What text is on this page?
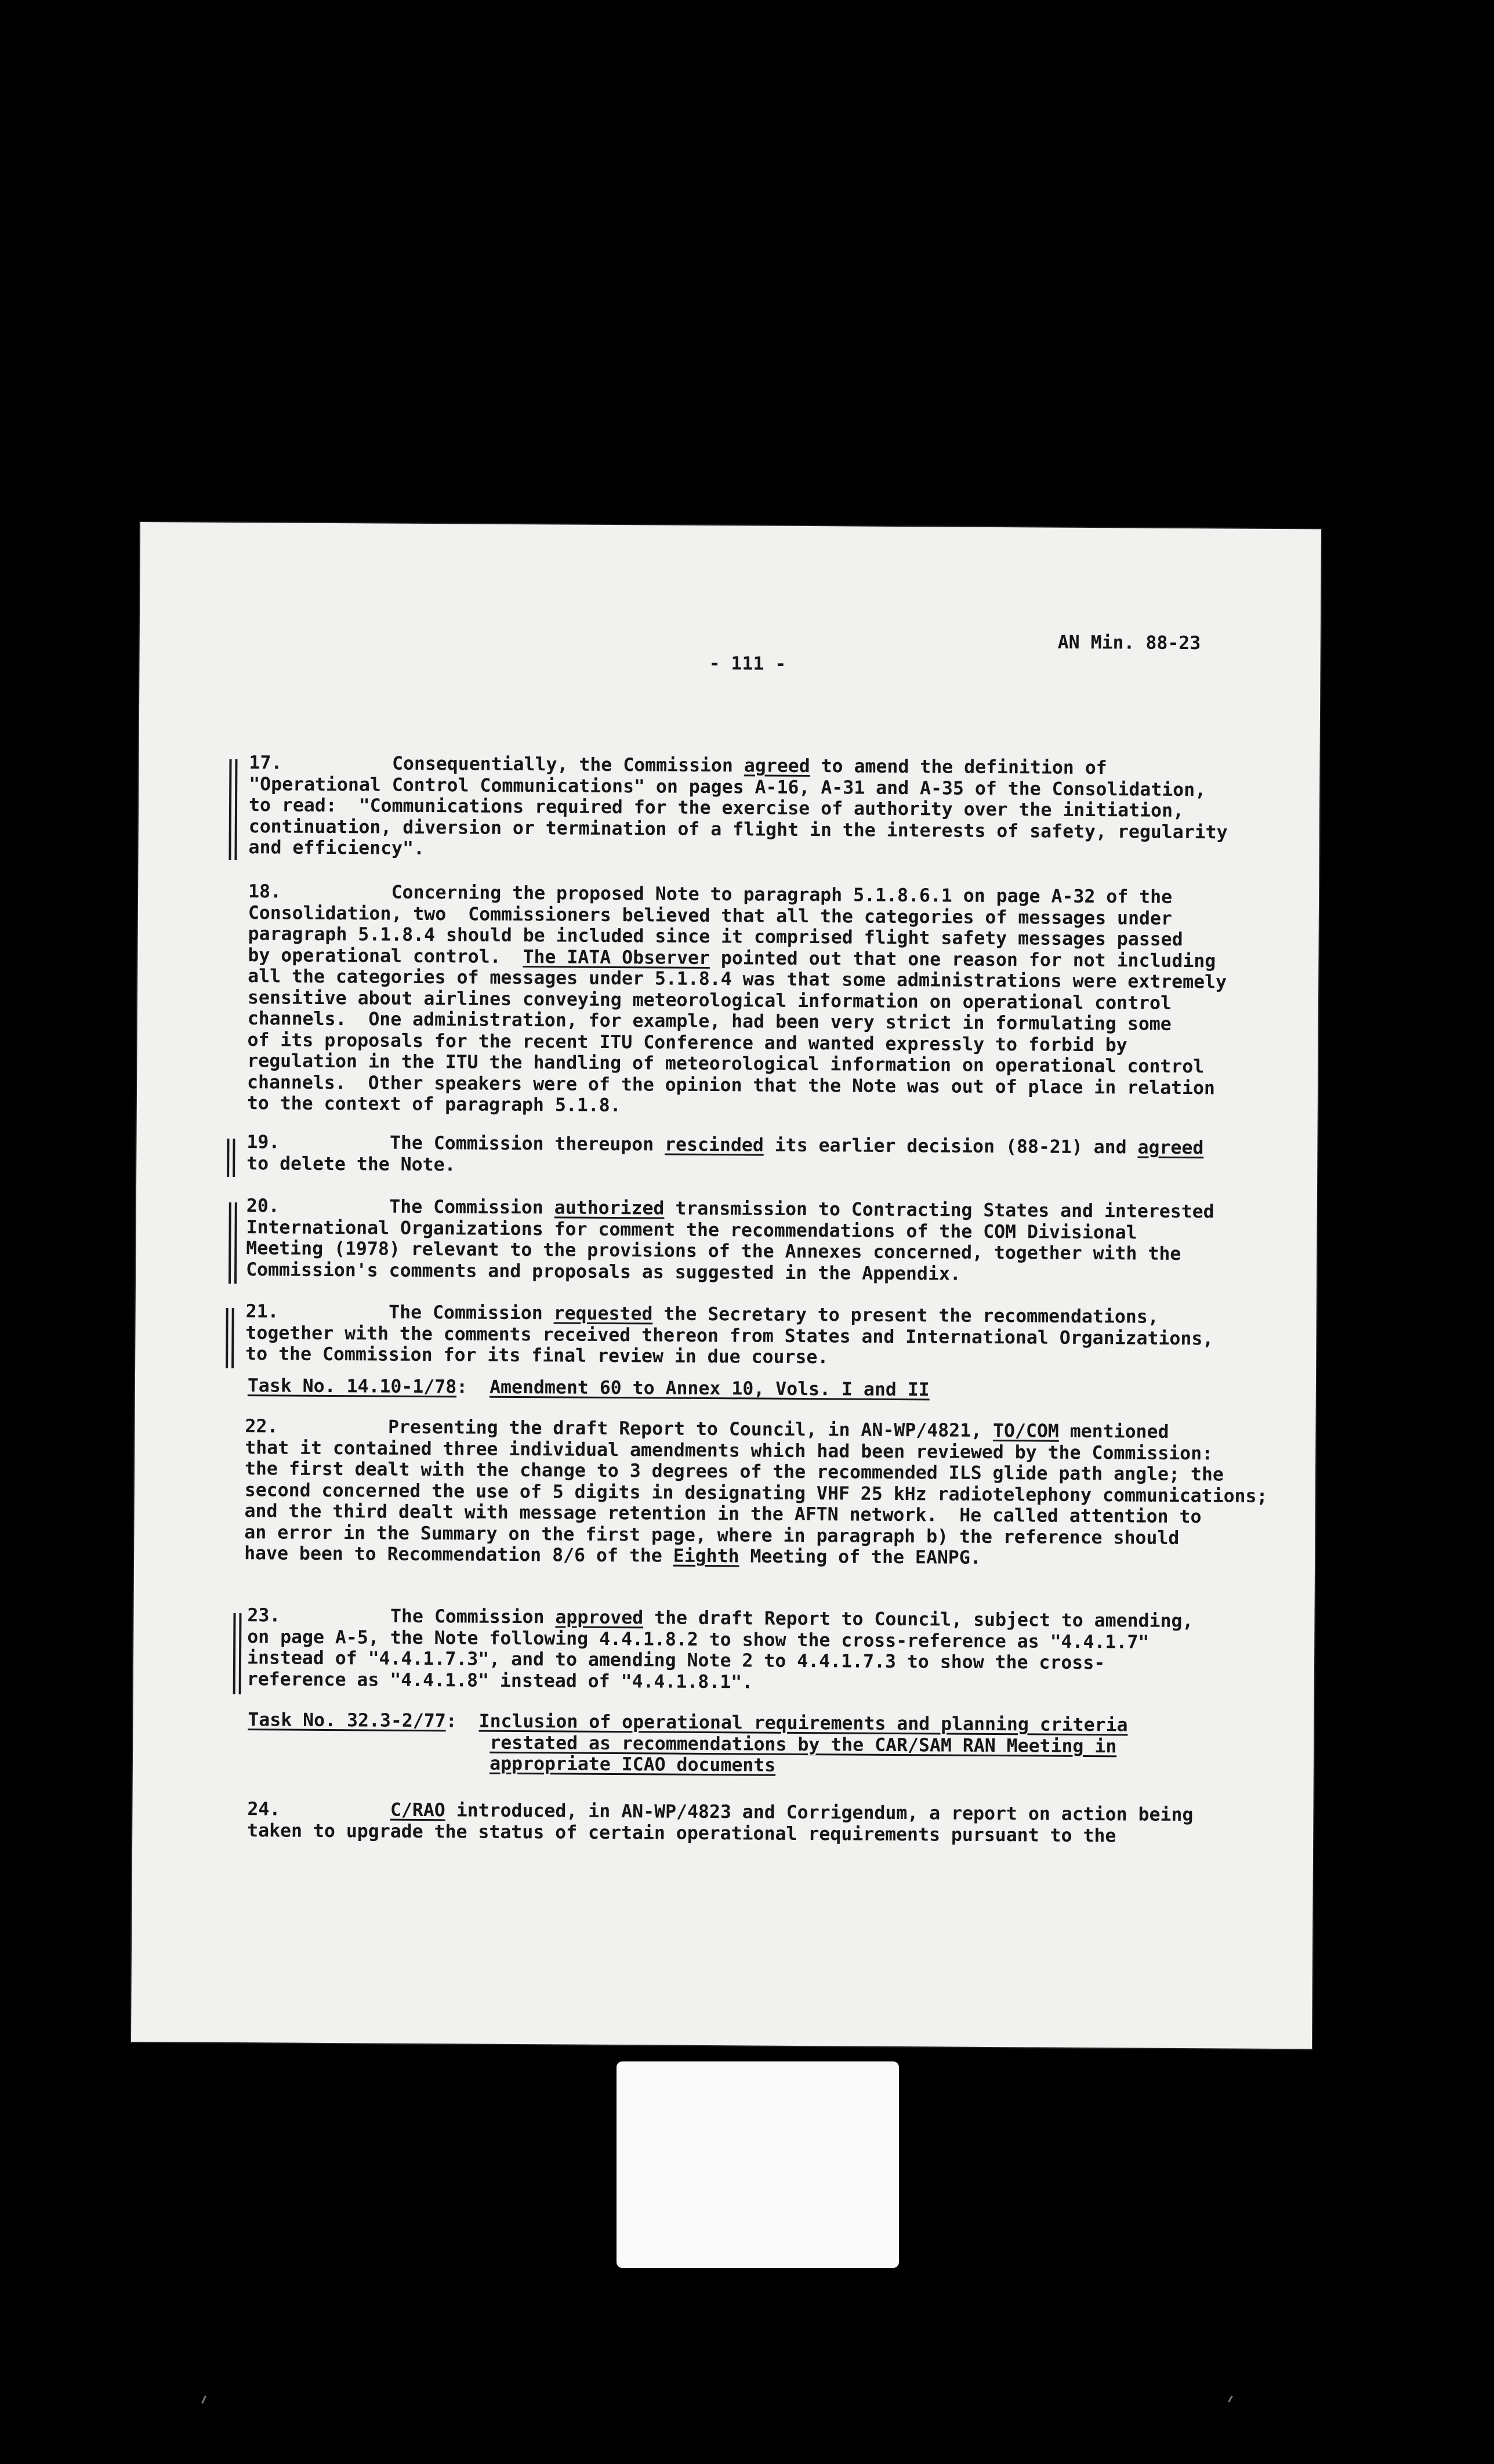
AN Min. 88-23
- 111 -
17.          Consequentially, the Commission agreed to amend the definition of
"Operational Control Communications" on pages A-16, A-31 and A-35 of the Consolidation,
to read:  "Communications required for the exercise of authority over the initiation,
continuation, diversion or termination of a flight in the interests of safety, regularity
and efficiency".
18.          Concerning the proposed Note to paragraph 5.1.8.6.1 on page A-32 of the
Consolidation, two  Commissioners believed that all the categories of messages under
paragraph 5.1.8.4 should be included since it comprised flight safety messages passed
by operational control.  The IATA Observer pointed out that one reason for not including
all the categories of messages under 5.1.8.4 was that some administrations were extremely
sensitive about airlines conveying meteorological information on operational control
channels.  One administration, for example, had been very strict in formulating some
of its proposals for the recent ITU Conference and wanted expressly to forbid by
regulation in the ITU the handling of meteorological information on operational control
channels.  Other speakers were of the opinion that the Note was out of place in relation
to the context of paragraph 5.1.8.
19.          The Commission thereupon rescinded its earlier decision (88-21) and agreed
to delete the Note.
20.          The Commission authorized transmission to Contracting States and interested
International Organizations for comment the recommendations of the COM Divisional
Meeting (1978) relevant to the provisions of the Annexes concerned, together with the
Commission's comments and proposals as suggested in the Appendix.
21.          The Commission requested the Secretary to present the recommendations,
together with the comments received thereon from States and International Organizations,
to the Commission for its final review in due course.
Task No. 14.10-1/78:  Amendment 60 to Annex 10, Vols. I and II
22.          Presenting the draft Report to Council, in AN-WP/4821, TO/COM mentioned
that it contained three individual amendments which had been reviewed by the Commission:
the first dealt with the change to 3 degrees of the recommended ILS glide path angle; the
second concerned the use of 5 digits in designating VHF 25 kHz radiotelephony communications;
and the third dealt with message retention in the AFTN network.  He called attention to
an error in the Summary on the first page, where in paragraph b) the reference should
have been to Recommendation 8/6 of the Eighth Meeting of the EANPG.
23.          The Commission approved the draft Report to Council, subject to amending,
on page A-5, the Note following 4.4.1.8.2 to show the cross-reference as "4.4.1.7"
instead of "4.4.1.7.3", and to amending Note 2 to 4.4.1.7.3 to show the cross-
reference as "4.4.1.8" instead of "4.4.1.8.1".
Task No. 32.3-2/77:  Inclusion of operational requirements and planning criteria
restated as recommendations by the CAR/SAM RAN Meeting in
appropriate ICAO documents
24.          C/RAO introduced, in AN-WP/4823 and Corrigendum, a report on action being
taken to upgrade the status of certain operational requirements pursuant to the
